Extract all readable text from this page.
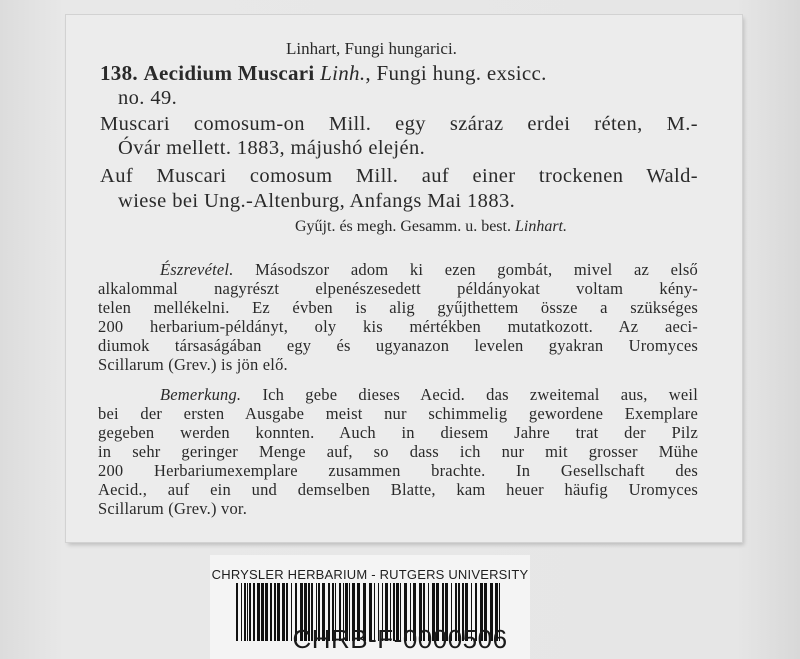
Linhart, Fungi hungarici.
138. Aecidium Muscari Linh., Fungi hung. exsicc.
no. 49.
Muscari comosum-on Mill. egy száraz erdei réten, M.-
Óvár mellett. 1883, májushó elején.
Auf Muscari comosum Mill. auf einer trockenen Wald-
wiese bei Ung.-Altenburg, Anfangs Mai 1883.
Gyűjt. és megh. Gesamm. u. best. Linhart.
Észrevétel. Másodszor adom ki ezen gombát, mivel az első
alkalommal nagyrészt elpenészesedett példányokat voltam kény-
telen mellékelni. Ez évben is alig gyűjthettem össze a szükséges
200 herbarium-példányt, oly kis mértékben mutatkozott. Az aeci-
diumok társaságában egy és ugyanazon levelen gyakran Uromyces
Scillarum (Grev.) is jön elő.
Bemerkung. Ich gebe dieses Aecid. das zweitemal aus, weil
bei der ersten Ausgabe meist nur schimmelig gewordene Exemplare
gegeben werden konnten. Auch in diesem Jahre trat der Pilz
in sehr geringer Menge auf, so dass ich nur mit grosser Mühe
200 Herbariumexemplare zusammen brachte. In Gesellschaft des
Aecid., auf ein und demselben Blatte, kam heuer häufig Uromyces
Scillarum (Grev.) vor.
CHRYSLER HERBARIUM - RUTGERS UNIVERSITY
CHRB-F-0000506
